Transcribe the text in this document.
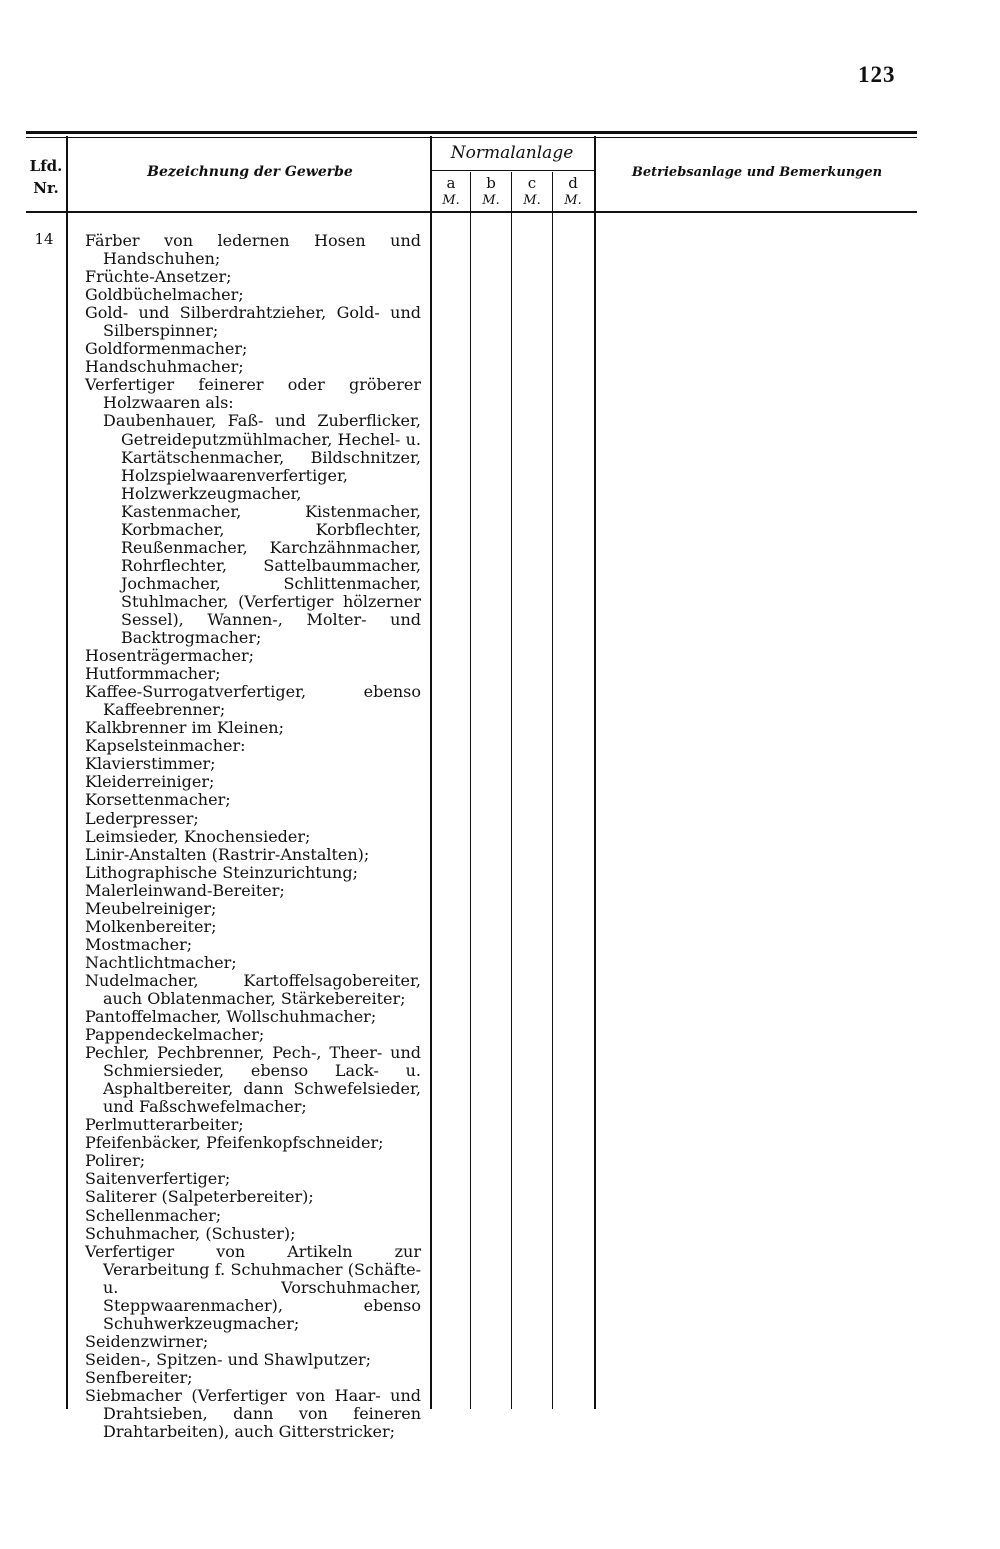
123
Lfd. Nr.
Bezeichnung der Gewerbe
Normalanlage
Betriebsanlage und Bemerkungen
a
M.
b
M.
c
M.
d
M.
14	Färber von ledernen Hosen und Handschuhen;
Früchte-Ansetzer;
Goldbüchelmacher;
Gold- und Silberdrahtzieher, Gold- und Silberspinner;
Goldformenmacher;
Handschuhmacher;
Verfertiger feinerer oder gröberer Holzwaaren als:
Daubenhauer, Faß- und Zuberflicker, Getreideputzmühlmacher, Hechel- u. Kartätschenmacher, Bildschnitzer, Holzspielwaarenverfertiger, Holzwerkzeugmacher, Kastenmacher, Kistenmacher, Korbmacher, Korbflechter, Reußenmacher, Karchzähnmacher, Rohrflechter, Sattelbaummacher, Jochmacher, Schlittenmacher, Stuhlmacher, (Verfertiger hölzerner Sessel), Wannen-, Molter- und Backtrogmacher;
Hosenträgermacher;
Hutformmacher;
Kaffee-Surrogatverfertiger, ebenso Kaffeebrenner;
Kalkbrenner im Kleinen;
Kapselsteinmacher:
Klavierstimmer;
Kleiderreiniger;
Korsettenmacher;
Lederpresser;
Leimsieder, Knochensieder;
Linir-Anstalten (Rastrir-Anstalten);
Lithographische Steinzurichtung;
Malerleinwand-Bereiter;
Meubelreiniger;
Molkenbereiter;
Mostmacher;
Nachtlichtmacher;
Nudelmacher, Kartoffelsagobereiter, auch Oblatenmacher, Stärkebereiter;
Pantoffelmacher, Wollschuhmacher;
Pappendeckelmacher;
Pechler, Pechbrenner, Pech-, Theer- und Schmiersieder, ebenso Lack- u. Asphaltbereiter, dann Schwefelsieder, und Faßschwefelmacher;
Perlmutterarbeiter;
Pfeifenbäcker, Pfeifenkopfschneider;
Polirer;
Saitenverfertiger;
Saliterer (Salpeterbereiter);
Schellenmacher;
Schuhmacher, (Schuster);
Verfertiger von Artikeln zur Verarbeitung f. Schuhmacher (Schäfte- u. Vorschuhmacher, Steppwaarenmacher), ebenso Schuhwerkzeugmacher;
Seidenzwirner;
Seiden-, Spitzen- und Shawlputzer;
Senfbereiter;
Siebmacher (Verfertiger von Haar- und Drahtsieben, dann von feineren Drahtarbeiten), auch Gitterstricker;
